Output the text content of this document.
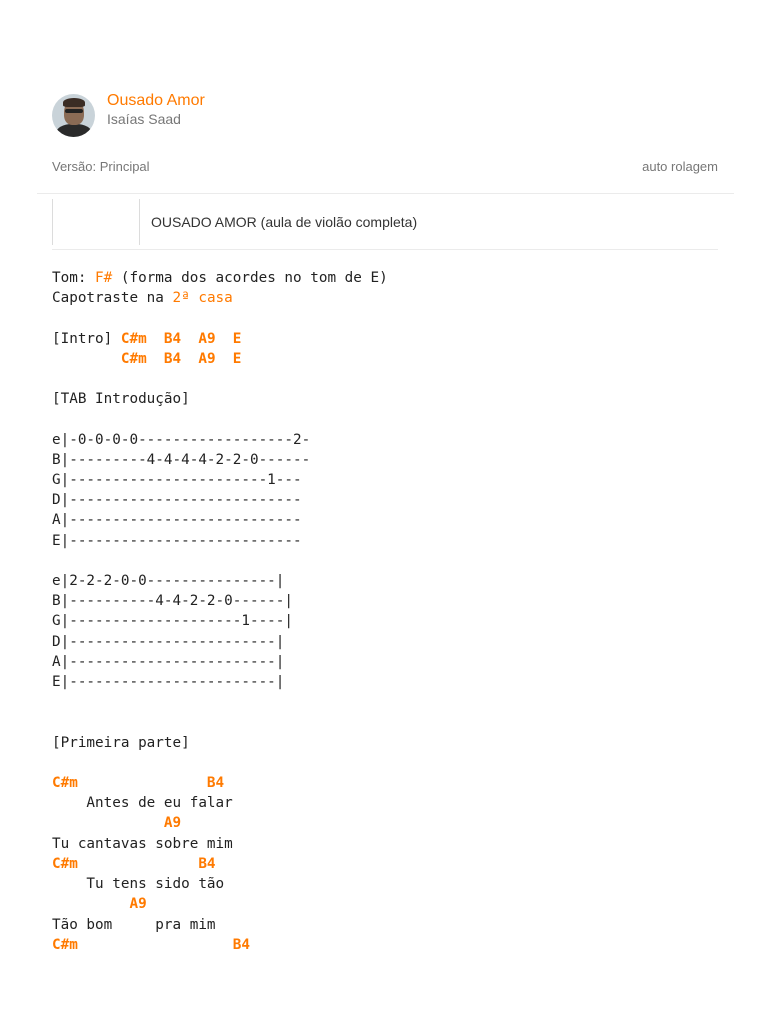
Ousado Amor
Isaías Saad
Versão: Principal	auto rolagem
OUSADO AMOR (aula de violão completa)
Tom: F# (forma dos acordes no tom de E)
Capotraste na 2ª casa

[Intro] C#m  B4  A9  E
C#m  B4  A9  E

[TAB Introdução]

e|-0-0-0-0------------------2-
B|---------4-4-4-4-2-2-0------
G|-----------------------1---
D|---------------------------
A|---------------------------
E|---------------------------

e|2-2-2-0-0---------------|
B|----------4-4-2-2-0------|
G|--------------------1----|
D|------------------------|
A|------------------------|
E|------------------------|

[Primeira parte]

C#m               B4
Antes de eu falar
A9
Tu cantavas sobre mim
C#m              B4
Tu tens sido tão
A9
Tão bom     pra mim
C#m                  B4
